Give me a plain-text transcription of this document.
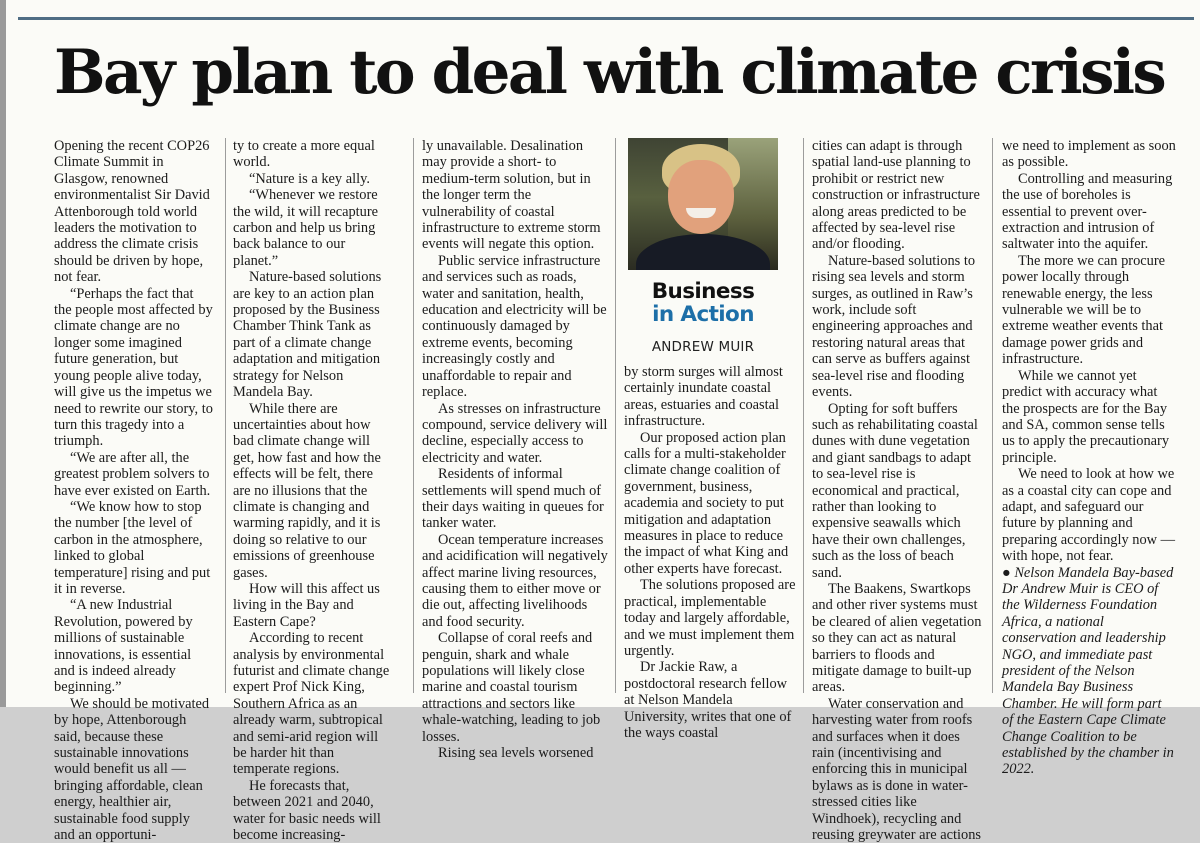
Bay plan to deal with climate crisis

Opening the recent COP26 Climate Summit in Glasgow, renowned environmentalist Sir David Attenborough told world leaders the motivation to address the climate crisis should be driven by hope, not fear.

“Perhaps the fact that the people most affected by climate change are no longer some imagined future generation, but young people alive today, will give us the impetus we need to rewrite our story, to turn this tragedy into a triumph.

“We are after all, the greatest problem solvers to have ever existed on Earth.

“We know how to stop the number [the level of carbon in the atmosphere, linked to global temperature] rising and put it in reverse.

“A new Industrial Revolution, powered by millions of sustainable innovations, is essential and is indeed already beginning.”

We should be motivated by hope, Attenborough said, because these sustainable innovations would benefit us all — bringing affordable, clean energy, healthier air, sustainable food supply and an opportuni-

ty to create a more equal world.

“Nature is a key ally.

“Whenever we restore the wild, it will recapture carbon and help us bring back balance to our planet.”

Nature-based solutions are key to an action plan proposed by the Business Chamber Think Tank as part of a climate change adaptation and mitigation strategy for Nelson Mandela Bay.

While there are uncertainties about how bad climate change will get, how fast and how the effects will be felt, there are no illusions that the climate is changing and warming rapidly, and it is doing so relative to our emissions of greenhouse gases.

How will this affect us living in the Bay and Eastern Cape?

According to recent analysis by environmental futurist and climate change expert Prof Nick King, Southern Africa as an already warm, subtropical and semi-arid region will be harder hit than temperate regions.

He forecasts that, between 2021 and 2040, water for basic needs will become increasing-

ly unavailable. Desalination may provide a short- to medium-term solution, but in the longer term the vulnerability of coastal infrastructure to extreme storm events will negate this option.

Public service infrastructure and services such as roads, water and sanitation, health, education and electricity will be continuously damaged by extreme events, becoming increasingly costly and unaffordable to repair and replace.

As stresses on infrastructure compound, service delivery will decline, especially access to electricity and water.

Residents of informal settlements will spend much of their days waiting in queues for tanker water.

Ocean temperature increases and acidification will negatively affect marine living resources, causing them to either move or die out, affecting livelihoods and food security.

Collapse of coral reefs and penguin, shark and whale populations will likely close marine and coastal tourism attractions and sectors like whale-watching, leading to job losses.

Rising sea levels worsened

Business
in Action
ANDREW MUIR

by storm surges will almost certainly inundate coastal areas, estuaries and coastal infrastructure.

Our proposed action plan calls for a multi-stakeholder climate change coalition of government, business, academia and society to put mitigation and adaptation measures in place to reduce the impact of what King and other experts have forecast.

The solutions proposed are practical, implementable today and largely affordable, and we must implement them urgently.

Dr Jackie Raw, a postdoctoral research fellow at Nelson Mandela University, writes that one of the ways coastal

cities can adapt is through spatial land-use planning to prohibit or restrict new construction or infrastructure along areas predicted to be affected by sea-level rise and/or flooding.

Nature-based solutions to rising sea levels and storm surges, as outlined in Raw’s work, include soft engineering approaches and restoring natural areas that can serve as buffers against sea-level rise and flooding events.

Opting for soft buffers such as rehabilitating coastal dunes with dune vegetation and giant sandbags to adapt to sea-level rise is economical and practical, rather than looking to expensive seawalls which have their own challenges, such as the loss of beach sand.

The Baakens, Swartkops and other river systems must be cleared of alien vegetation so they can act as natural barriers to floods and mitigate damage to built-up areas.

Water conservation and harvesting water from roofs and surfaces when it does rain (incentivising and enforcing this in municipal bylaws as is done in water-stressed cities like Windhoek), recycling and reusing greywater are actions

we need to implement as soon as possible.

Controlling and measuring the use of boreholes is essential to prevent over-extraction and intrusion of saltwater into the aquifer.

The more we can procure power locally through renewable energy, the less vulnerable we will be to extreme weather events that damage power grids and infrastructure.

While we cannot yet predict with accuracy what the prospects are for the Bay and SA, common sense tells us to apply the precautionary principle.

We need to look at how we as a coastal city can cope and adapt, and safeguard our future by planning and preparing accordingly now — with hope, not fear.

● Nelson Mandela Bay-based Dr Andrew Muir is CEO of the Wilderness Foundation Africa, a national conservation and leadership NGO, and immediate past president of the Nelson Mandela Bay Business Chamber. He will form part of the Eastern Cape Climate Change Coalition to be established by the chamber in 2022.
